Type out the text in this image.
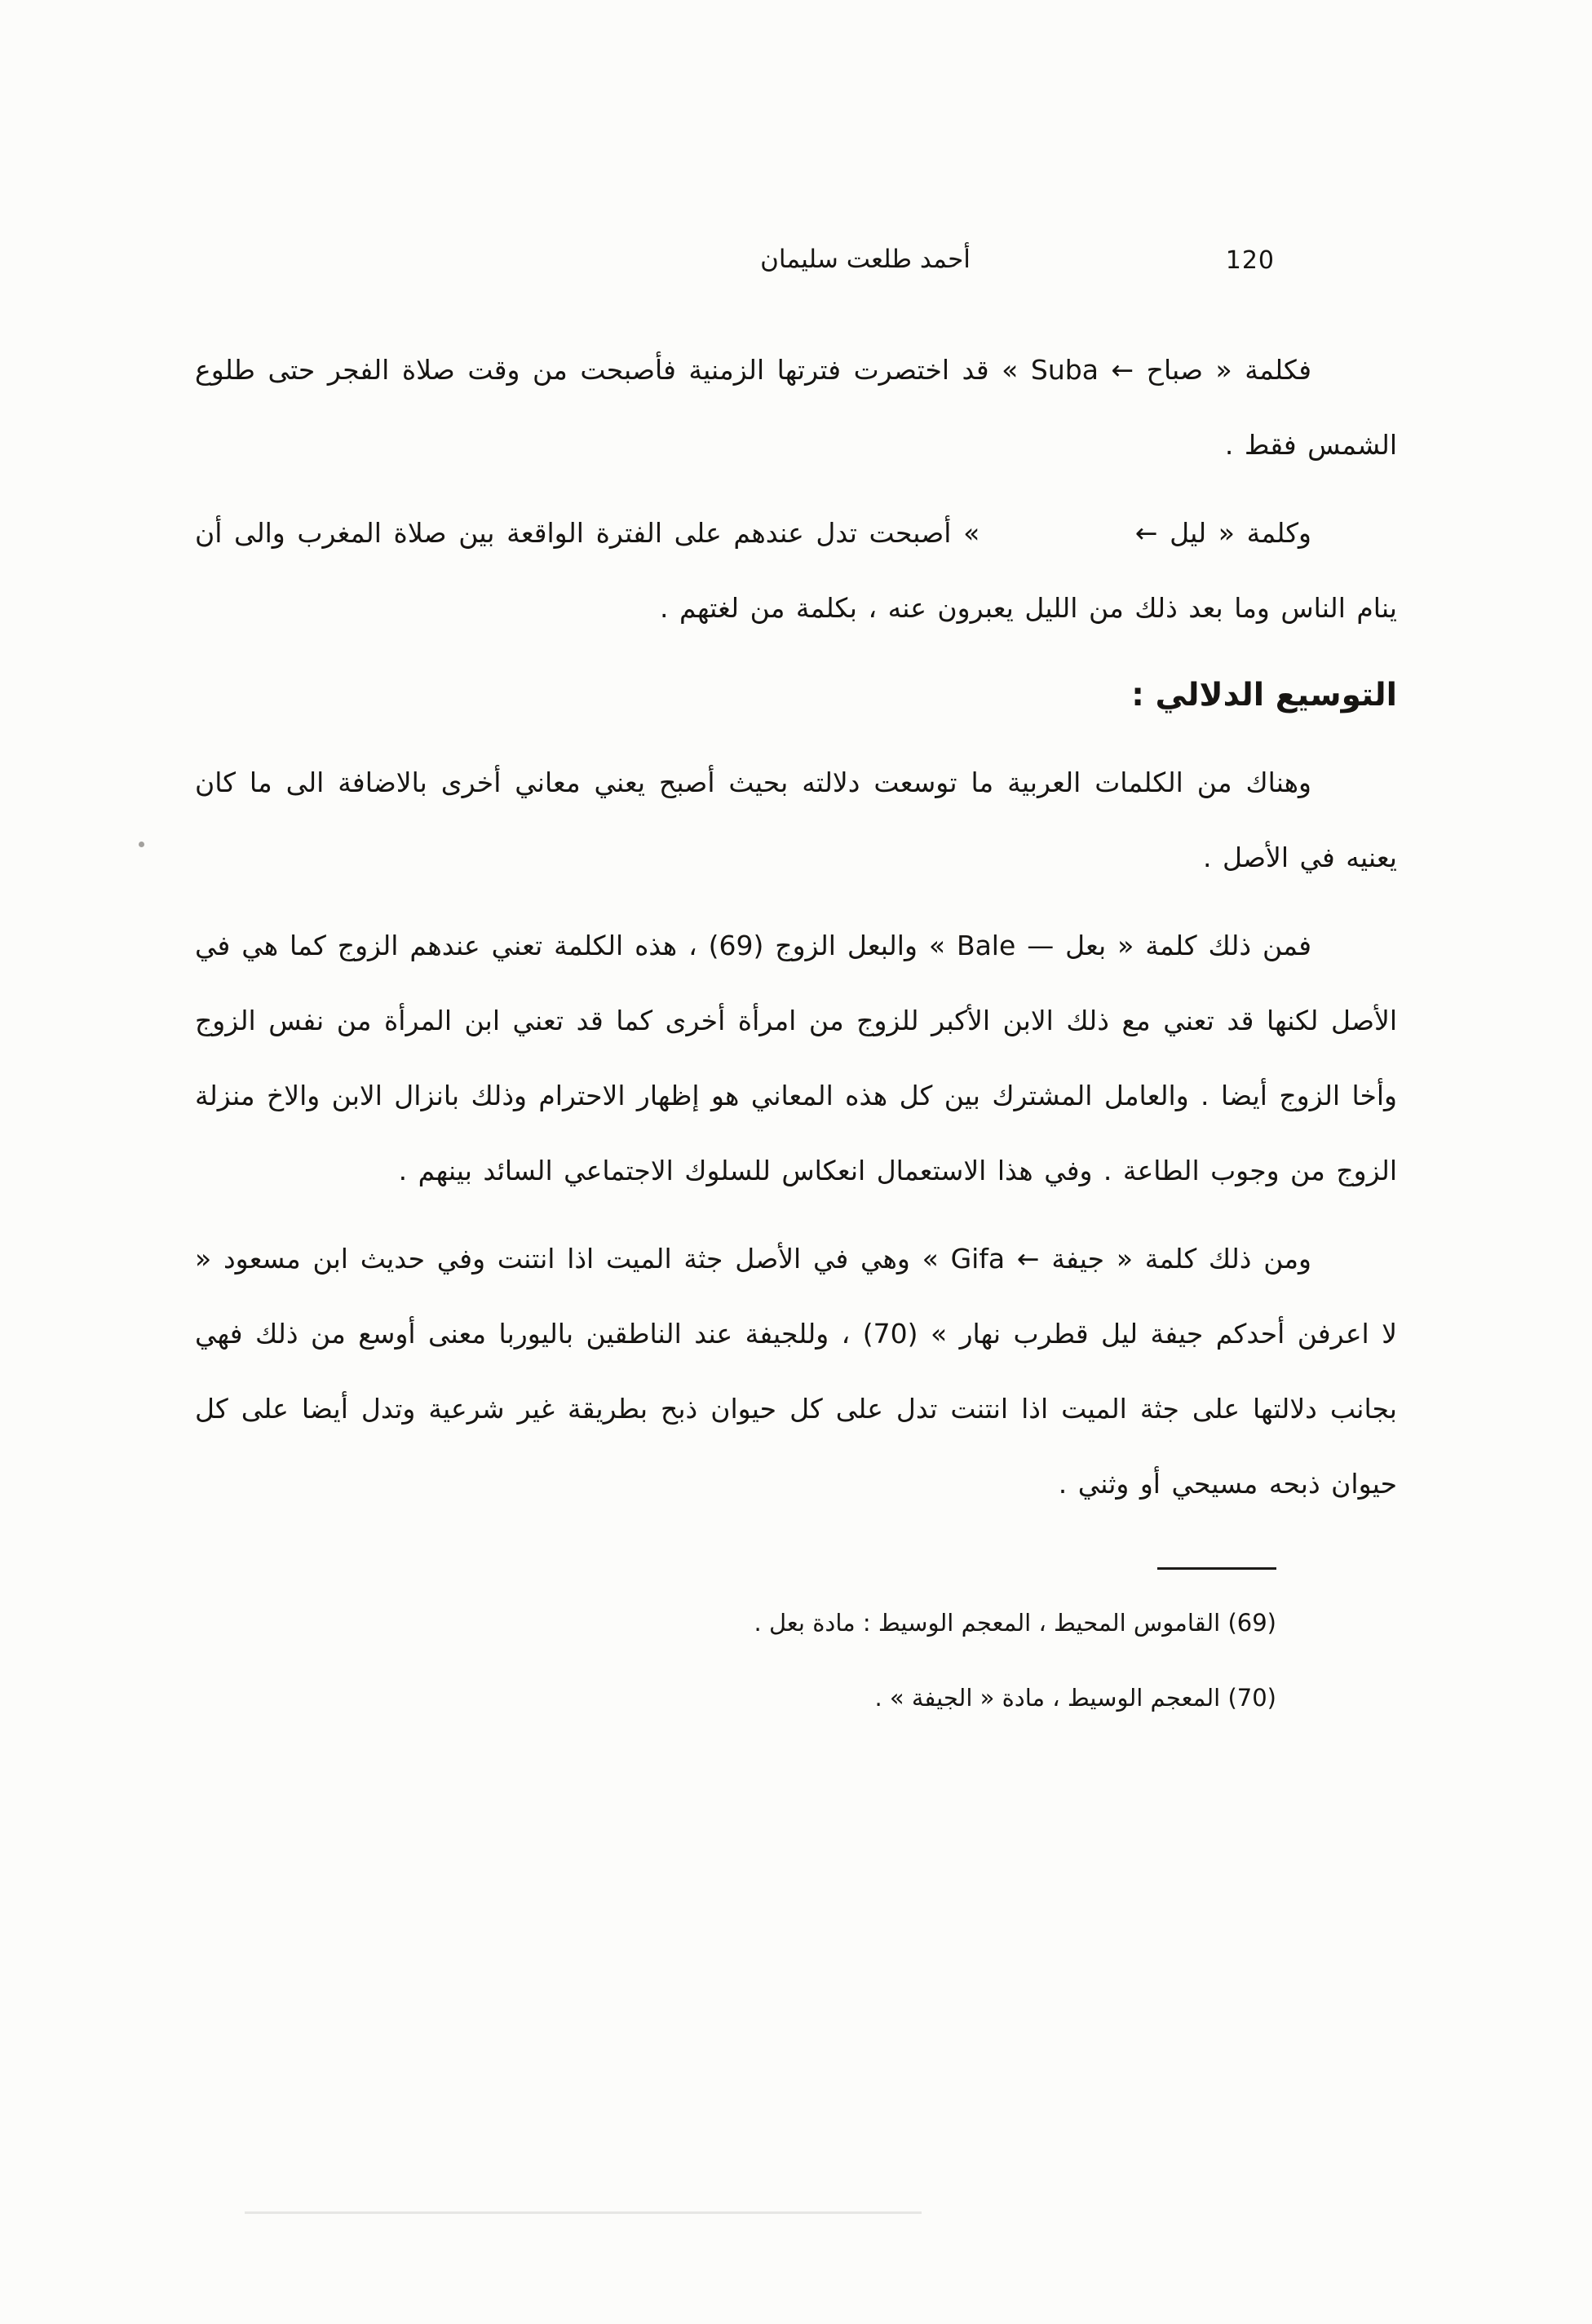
أحمد طلعت سليمان	120

فكلمة « صباح ← Suba » قد اختصرت فترتها الزمنية فأصبحت من وقت صلاة الفجر حتى طلوع الشمس فقط .

وكلمة « ليل ←             » أصبحت تدل عندهم على الفترة الواقعة بين صلاة المغرب والى أن ينام الناس وما بعد ذلك من الليل يعبرون عنه ، بكلمة من لغتهم .

التوسيع الدلالي :

وهناك من الكلمات العربية ما توسعت دلالته بحيث أصبح يعني معاني أخرى بالاضافة الى ما كان يعنيه في الأصل .

فمن ذلك كلمة « بعل — Bale » والبعل الزوج (69) ، هذه الكلمة تعني عندهم الزوج كما هي في الأصل لكنها قد تعني مع ذلك الابن الأكبر للزوج من امرأة أخرى كما قد تعني ابن المرأة من نفس الزوج وأخا الزوج أيضا . والعامل المشترك بين كل هذه المعاني هو إظهار الاحترام وذلك بانزال الابن والاخ منزلة الزوج من وجوب الطاعة . وفي هذا الاستعمال انعكاس للسلوك الاجتماعي السائد بينهم .

ومن ذلك كلمة « جيفة ← Gifa » وهي في الأصل جثة الميت اذا انتنت وفي حديث ابن مسعود « لا اعرفن أحدكم جيفة ليل قطرب نهار » (70) ، وللجيفة عند الناطقين باليوربا معنى أوسع من ذلك فهي بجانب دلالتها على جثة الميت اذا انتنت تدل على كل حيوان ذبح بطريقة غير شرعية وتدل أيضا على كل حيوان ذبحه مسيحي أو وثني .

(69) القاموس المحيط ، المعجم الوسيط : مادة بعل .

(70) المعجم الوسيط ، مادة « الجيفة » .
